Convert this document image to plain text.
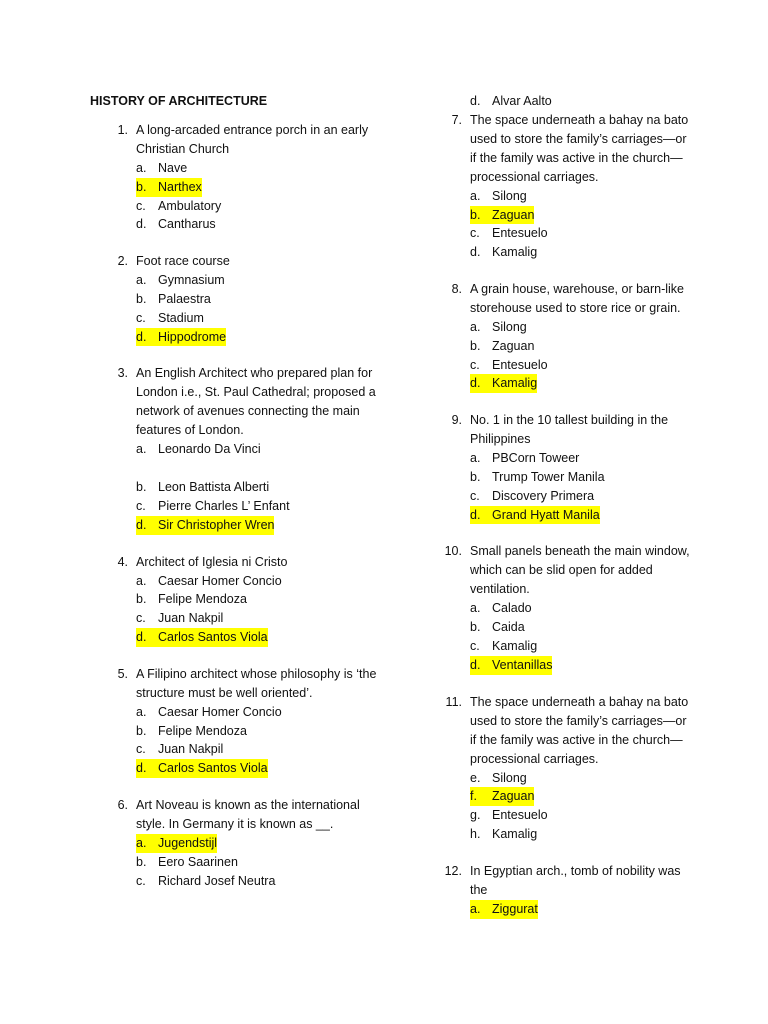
HISTORY OF ARCHITECTURE
1. A long-arcaded entrance porch in an early Christian Church
a. Nave
b. Narthex
c. Ambulatory
d. Cantharus
2. Foot race course
a. Gymnasium
b. Palaestra
c. Stadium
d. Hippodrome
3. An English Architect who prepared plan for London i.e., St. Paul Cathedral; proposed a network of avenues connecting the main features of London.
a. Leonardo Da Vinci
b. Leon Battista Alberti
c. Pierre Charles L’ Enfant
d. Sir Christopher Wren
4. Architect of Iglesia ni Cristo
a. Caesar Homer Concio
b. Felipe Mendoza
c. Juan Nakpil
d. Carlos Santos Viola
5. A Filipino architect whose philosophy is ‘the structure must be well oriented’.
a. Caesar Homer Concio
b. Felipe Mendoza
c. Juan Nakpil
d. Carlos Santos Viola
6. Art Noveau is known as the international style. In Germany it is known as __.
a. Jugendstijl
b. Eero Saarinen
c. Richard Josef Neutra
d. Alvar Aalto
7. The space underneath a bahay na bato used to store the family’s carriages—or if the family was active in the church—processional carriages.
a. Silong
b. Zaguan
c. Entesuelo
d. Kamalig
8. A grain house, warehouse, or barn-like storehouse used to store rice or grain.
a. Silong
b. Zaguan
c. Entesuelo
d. Kamalig
9. No. 1 in the 10 tallest building in the Philippines
a. PBCorn Toweer
b. Trump Tower Manila
c. Discovery Primera
d. Grand Hyatt Manila
10. Small panels beneath the main window, which can be slid open for added ventilation.
a. Calado
b. Caida
c. Kamalig
d. Ventanillas
11. The space underneath a bahay na bato used to store the family’s carriages—or if the family was active in the church—processional carriages.
e. Silong
f.	Zaguan
g. Entesuelo
h. Kamalig
12. In Egyptian arch., tomb of nobility was the
a. Ziggurat
